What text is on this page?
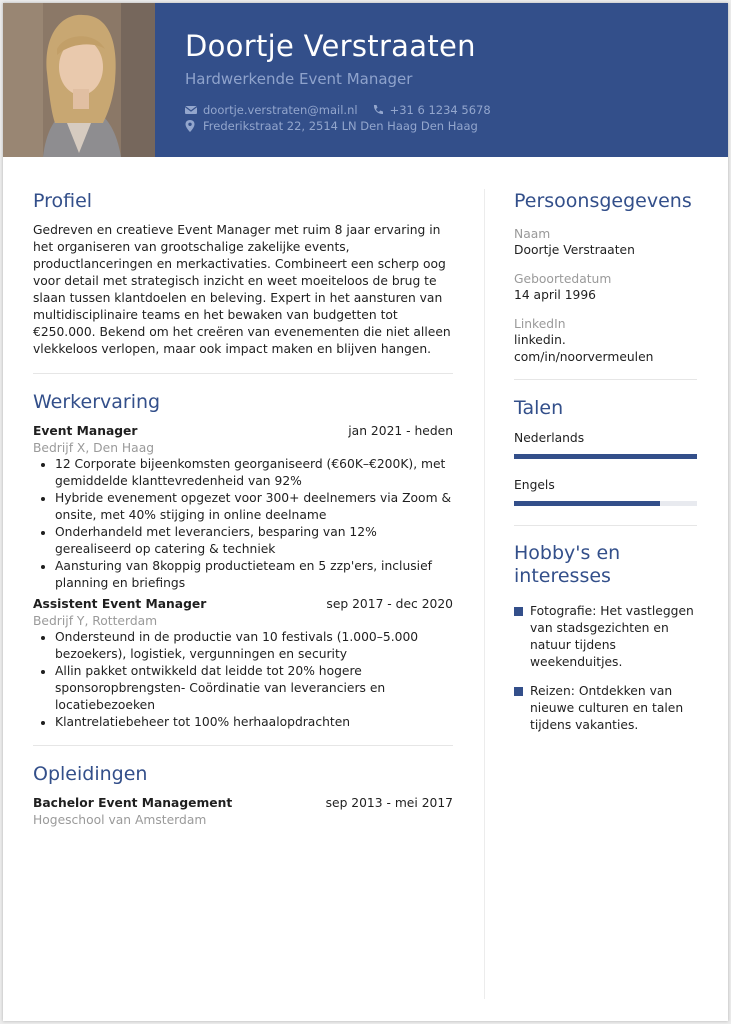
Doortje Verstraaten
Hardwerkende Event Manager
doortje.verstraten@mail.nl	+31 6 1234 5678
Frederikstraat 22, 2514 LN Den Haag Den Haag
Profiel
Gedreven en creatieve Event Manager met ruim 8 jaar ervaring in het organiseren van grootschalige zakelijke events, productlanceringen en merkactivaties. Combineert een scherp oog voor detail met strategisch inzicht en weet moeiteloos de brug te slaan tussen klantdoelen en beleving. Expert in het aansturen van multidisciplinaire teams en het bewaken van budgetten tot €250.000. Bekend om het creëren van evenementen die niet alleen vlekkeloos verlopen, maar ook impact maken en blijven hangen.
Werkervaring
Event Manager	jan 2021 - heden
Bedrijf X, Den Haag
• 12 Corporate bijeenkomsten georganiseerd (€60K–€200K), met gemiddelde klanttevredenheid van 92%
• Hybride evenement opgezet voor 300+ deelnemers via Zoom & onsite, met 40% stijging in online deelname
• Onderhandeld met leveranciers, besparing van 12% gerealiseerd op catering & techniek
• Aansturing van 8koppig productieteam en 5 zzp'ers, inclusief planning en briefings
Assistent Event Manager	sep 2017 - dec 2020
Bedrijf Y, Rotterdam
• Ondersteund in de productie van 10 festivals (1.000–5.000 bezoekers), logistiek, vergunningen en security
• Allin pakket ontwikkeld dat leidde tot 20% hogere sponsoropbrengsten- Coördinatie van leveranciers en locatiebezoeken
• Klantrelatiebeheer tot 100% herhaalopdrachten
Opleidingen
Bachelor Event Management	sep 2013 - mei 2017
Hogeschool van Amsterdam
Persoonsgegevens
Naam
Doortje Verstraaten
Geboortedatum
14 april 1996
LinkedIn
linkedin.
com/in/noorvermeulen
Talen
Nederlands
Engels
Hobby's en
interesses
Fotografie: Het vastleggen van stadsgezichten en natuur tijdens weekenduitjes.
Reizen: Ontdekken van nieuwe culturen en talen tijdens vakanties.
